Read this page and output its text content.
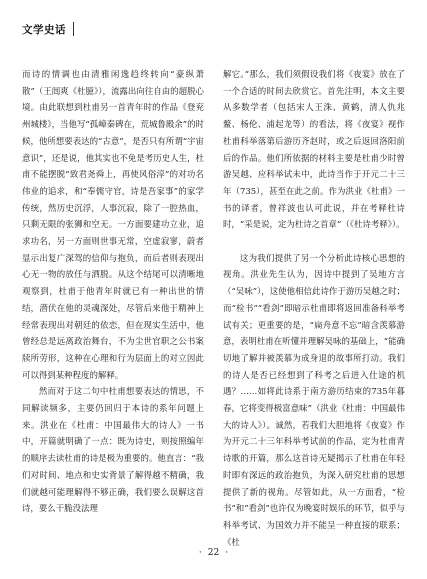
文学史话

而诗的情调也由清雅闲逸趋终转向“豪纵萧散”（王闿爽《杜臆》），流露出向往自由的超脱心境。由此联想到杜甫另一首青年时的作品《登兖州城楼》，当他写“孤嶂秦碑在，荒城鲁殿余”的时候，他所想要表达的“古意”，是否只有所谓“宇宙意识”，还是说，他其实也不免是考历史人生，杜甫不能摆脱“致君尧舜上，再使风俗淳”的对功名伟业的追求，和“奉儒守官，诗是吾家事”的家学传统，然历史沉浮，人事沉寂，除了一腔热血，只剩无限的张狮和空无。一方面要建功立业，追求功名，另一方面则世事无常，空虚寂寥，蔚者显示出复广深驾的信仰与抱负，而后者则表现出心无一物的放任与洒脱。从这个结尾可以清晰地观察到，杜甫于他青年时就已有一种出世的情结，潜伏在他的灵魂深处，尽管后来他于精神上经常表现出对朝廷的依恋，但在现实生活中，他曾经总是远离政治舞台，不为尘世官职之公书案牍所劳形，这种在心理和行为层面上的对立因此可以得到某种程度的解释。

然而对于这二句中杜甫想要表达的情思，不同解读频多，主要仍回归于本诗的系年问题上来。洪业在《杜甫：中国最伟大的诗人》一书中，开篇就明确了一点：既为诗史，则按照编年的顺序去读杜甫的诗是极为重要的。他直言：“我们对时间、地点和史实背景了解得越不精确，我们就越可能理解得不够正确，我们要么误解这首诗，要么干脆没法理

解它。”那么，我们须假设我们将《夜宴》放在了一个合适的时间去欣赏它。首先注明，本文主要从多数学者（包括宋人王洙、黄鹤，清人仇兆鳌、杨伦、浦起龙等）的看法，将《夜宴》视作杜甫科举落第后游历齐赵时，或之后返回洛阳前后的作品。他们所依据的材料主要是杜甫少时曾游吴越、应科举试未中，此诗当作于开元二十三年（735），甚至在此之前。作为洪业《杜甫》一书的译者，曾祥波也认可此说，并在考释杜诗时，“采是说，定为杜诗之首章”（《杜诗考释》）。

这为我们提供了另一个分析此诗核心思想的视角。洪业先生认为，因诗中提到了吴地方言（“吴咏”），这使他相信此诗作于游历吴越之时；而“检书”“看剑”即暗示杜甫即将返回准备科举考试有关；更重要的是，“扁舟意不忘”暗含羡慕游意，表明杜甫在听懂并理解吴咏的基础上，“能确切地了解并被羡慕为成身退的故事所打动。我们的诗人是否已经想到了科考之后进入仕途的机遇？……如将此诗系于南方游历结束的735年暮春，它将变得极富意味”（洪业《杜甫：中国最伟大的诗人》）。诚然，若我们大胆地将《夜宴》作为开元二十三年科举考试前的作品，定为杜甫青诗歌的开篇，那么这首诗无疑揭示了杜甫在年轻时即有深远的政治抱负，为深入研究杜甫的思想提供了新的视角。尽管如此，从一方面看，“检书”和“看剑”也许仅为晚宴时娱乐的环节，似乎与科举考试、为国效力并不能呈一种直接的联系；《杜

· 22 ·
